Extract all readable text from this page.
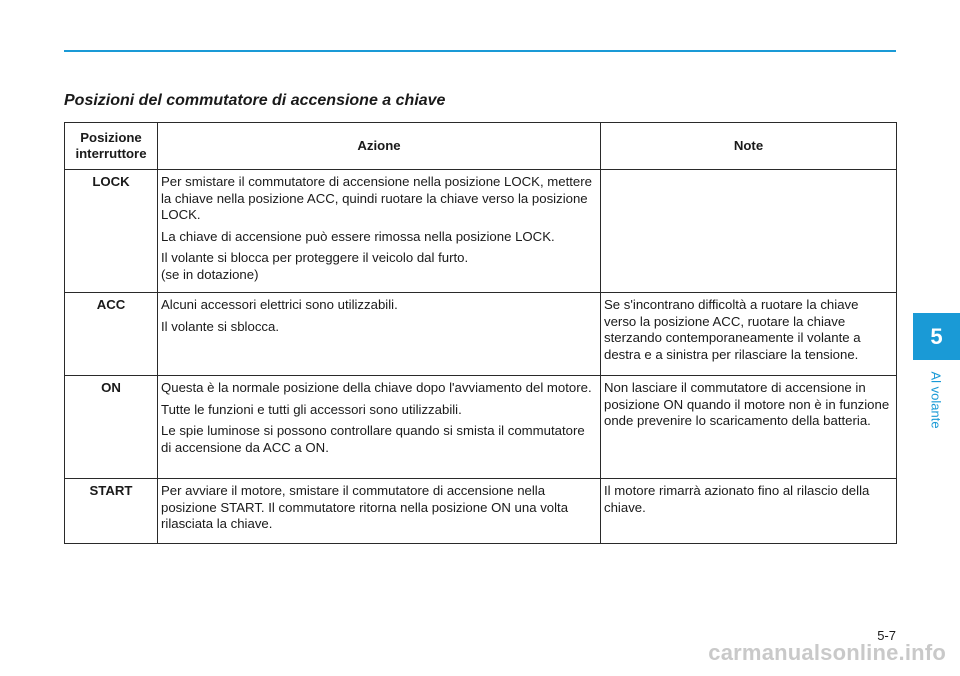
Posizioni del commutatore di accensione a chiave
Posizione
interruttore	Azione	Note
LOCK	Per smistare il commutatore di accensione nella posizione LOCK, mettere la chiave nella posizione ACC, quindi ruotare la chiave verso la posizione LOCK.

La chiave di accensione può essere rimossa nella posizione LOCK.

Il volante si blocca per proteggere il veicolo dal furto.

(se in dotazione)	

ACC	Alcuni accessori elettrici sono utilizzabili.

Il volante si sblocca.	Se s'incontrano difficoltà a ruotare la chiave verso la posizione ACC, ruotare la chiave sterzando contemporaneamente il volante a destra e a sinistra per rilasciare la tensione.
ON	Questa è la normale posizione della chiave dopo l'avviamento del motore.

Tutte le funzioni e tutti gli accessori sono utilizzabili.

Le spie luminose si possono controllare quando si smista il commutatore di accensione da ACC a ON.	Non lasciare il commutatore di accensione in posizione ON quando il motore non è in funzione onde prevenire lo scaricamento della batteria.
START	Per avviare il motore, smistare il commutatore di accensione nella posizione START. Il commutatore ritorna nella posizione ON una volta rilasciata la chiave.	Il motore rimarrà azionato fino al rilascio della chiave.
5
Al volante
5-7
carmanualsonline.info
